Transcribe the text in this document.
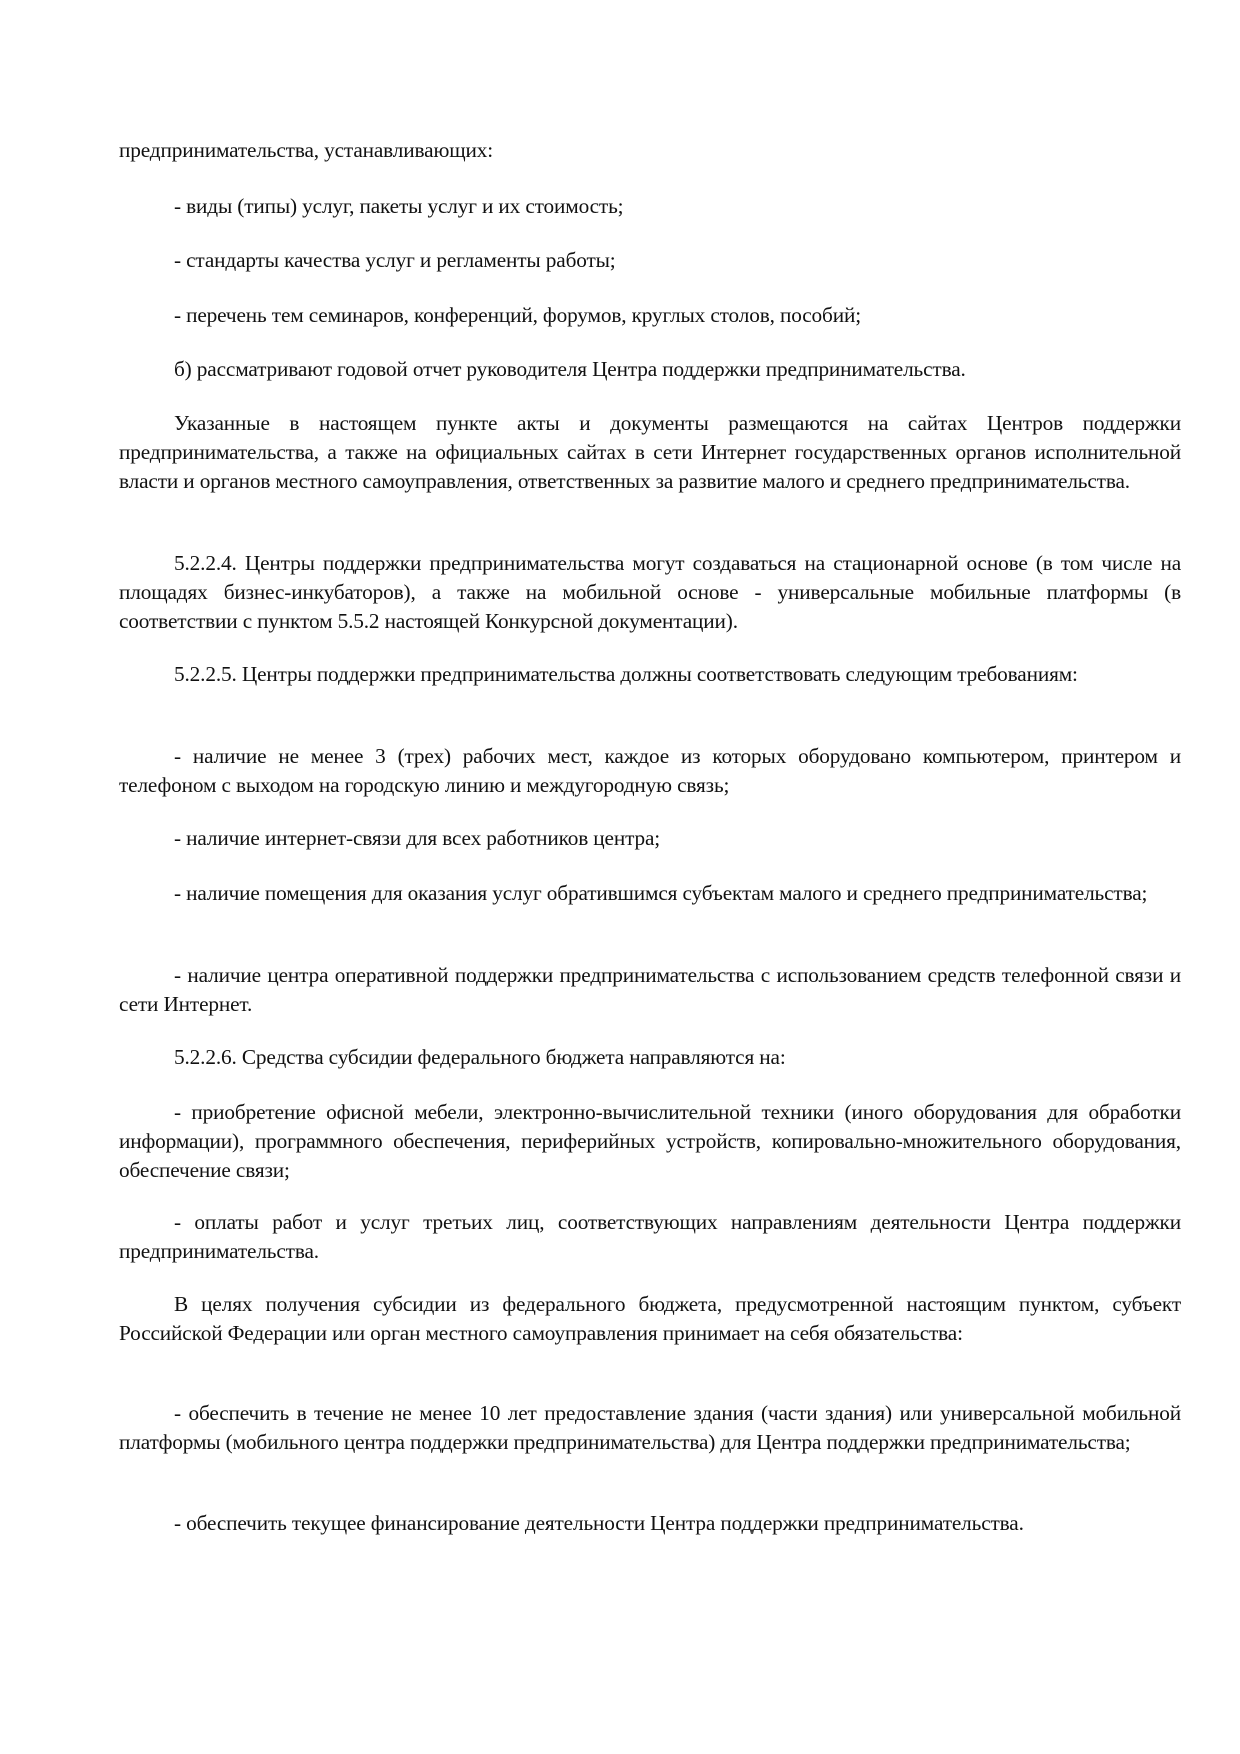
предпринимательства, устанавливающих:

- виды (типы) услуг, пакеты услуг и их стоимость;

- стандарты качества услуг и регламенты работы;

- перечень тем семинаров, конференций, форумов, круглых столов, пособий;

б) рассматривают годовой отчет руководителя Центра поддержки предпринимательства.

Указанные в настоящем пункте акты и документы размещаются на сайтах Центров поддержки предпринимательства, а также на официальных сайтах в сети Интернет государственных органов исполнительной власти и органов местного самоуправления, ответственных за развитие малого и среднего предпринимательства.

5.2.2.4. Центры поддержки предпринимательства могут создаваться на стационарной основе (в том числе на площадях бизнес-инкубаторов), а также на мобильной основе - универсальные мобильные платформы (в соответствии с пунктом 5.5.2 настоящей Конкурсной документации).

5.2.2.5. Центры поддержки предпринимательства должны соответствовать следующим требованиям:

- наличие не менее 3 (трех) рабочих мест, каждое из которых оборудовано компьютером, принтером и телефоном с выходом на городскую линию и междугородную связь;

- наличие интернет-связи для всех работников центра;

- наличие помещения для оказания услуг обратившимся субъектам малого и среднего предпринимательства;

- наличие центра оперативной поддержки предпринимательства с использованием средств телефонной связи и сети Интернет.

5.2.2.6. Средства субсидии федерального бюджета направляются на:

- приобретение офисной мебели, электронно-вычислительной техники (иного оборудования для обработки информации), программного обеспечения, периферийных устройств, копировально-множительного оборудования, обеспечение связи;

- оплаты работ и услуг третьих лиц, соответствующих направлениям деятельности Центра поддержки предпринимательства.

В целях получения субсидии из федерального бюджета, предусмотренной настоящим пунктом, субъект Российской Федерации или орган местного самоуправления принимает на себя обязательства:

- обеспечить в течение не менее 10 лет предоставление здания (части здания) или универсальной мобильной платформы (мобильного центра поддержки предпринимательства) для Центра поддержки предпринимательства;

- обеспечить текущее финансирование деятельности Центра поддержки предпринимательства.
